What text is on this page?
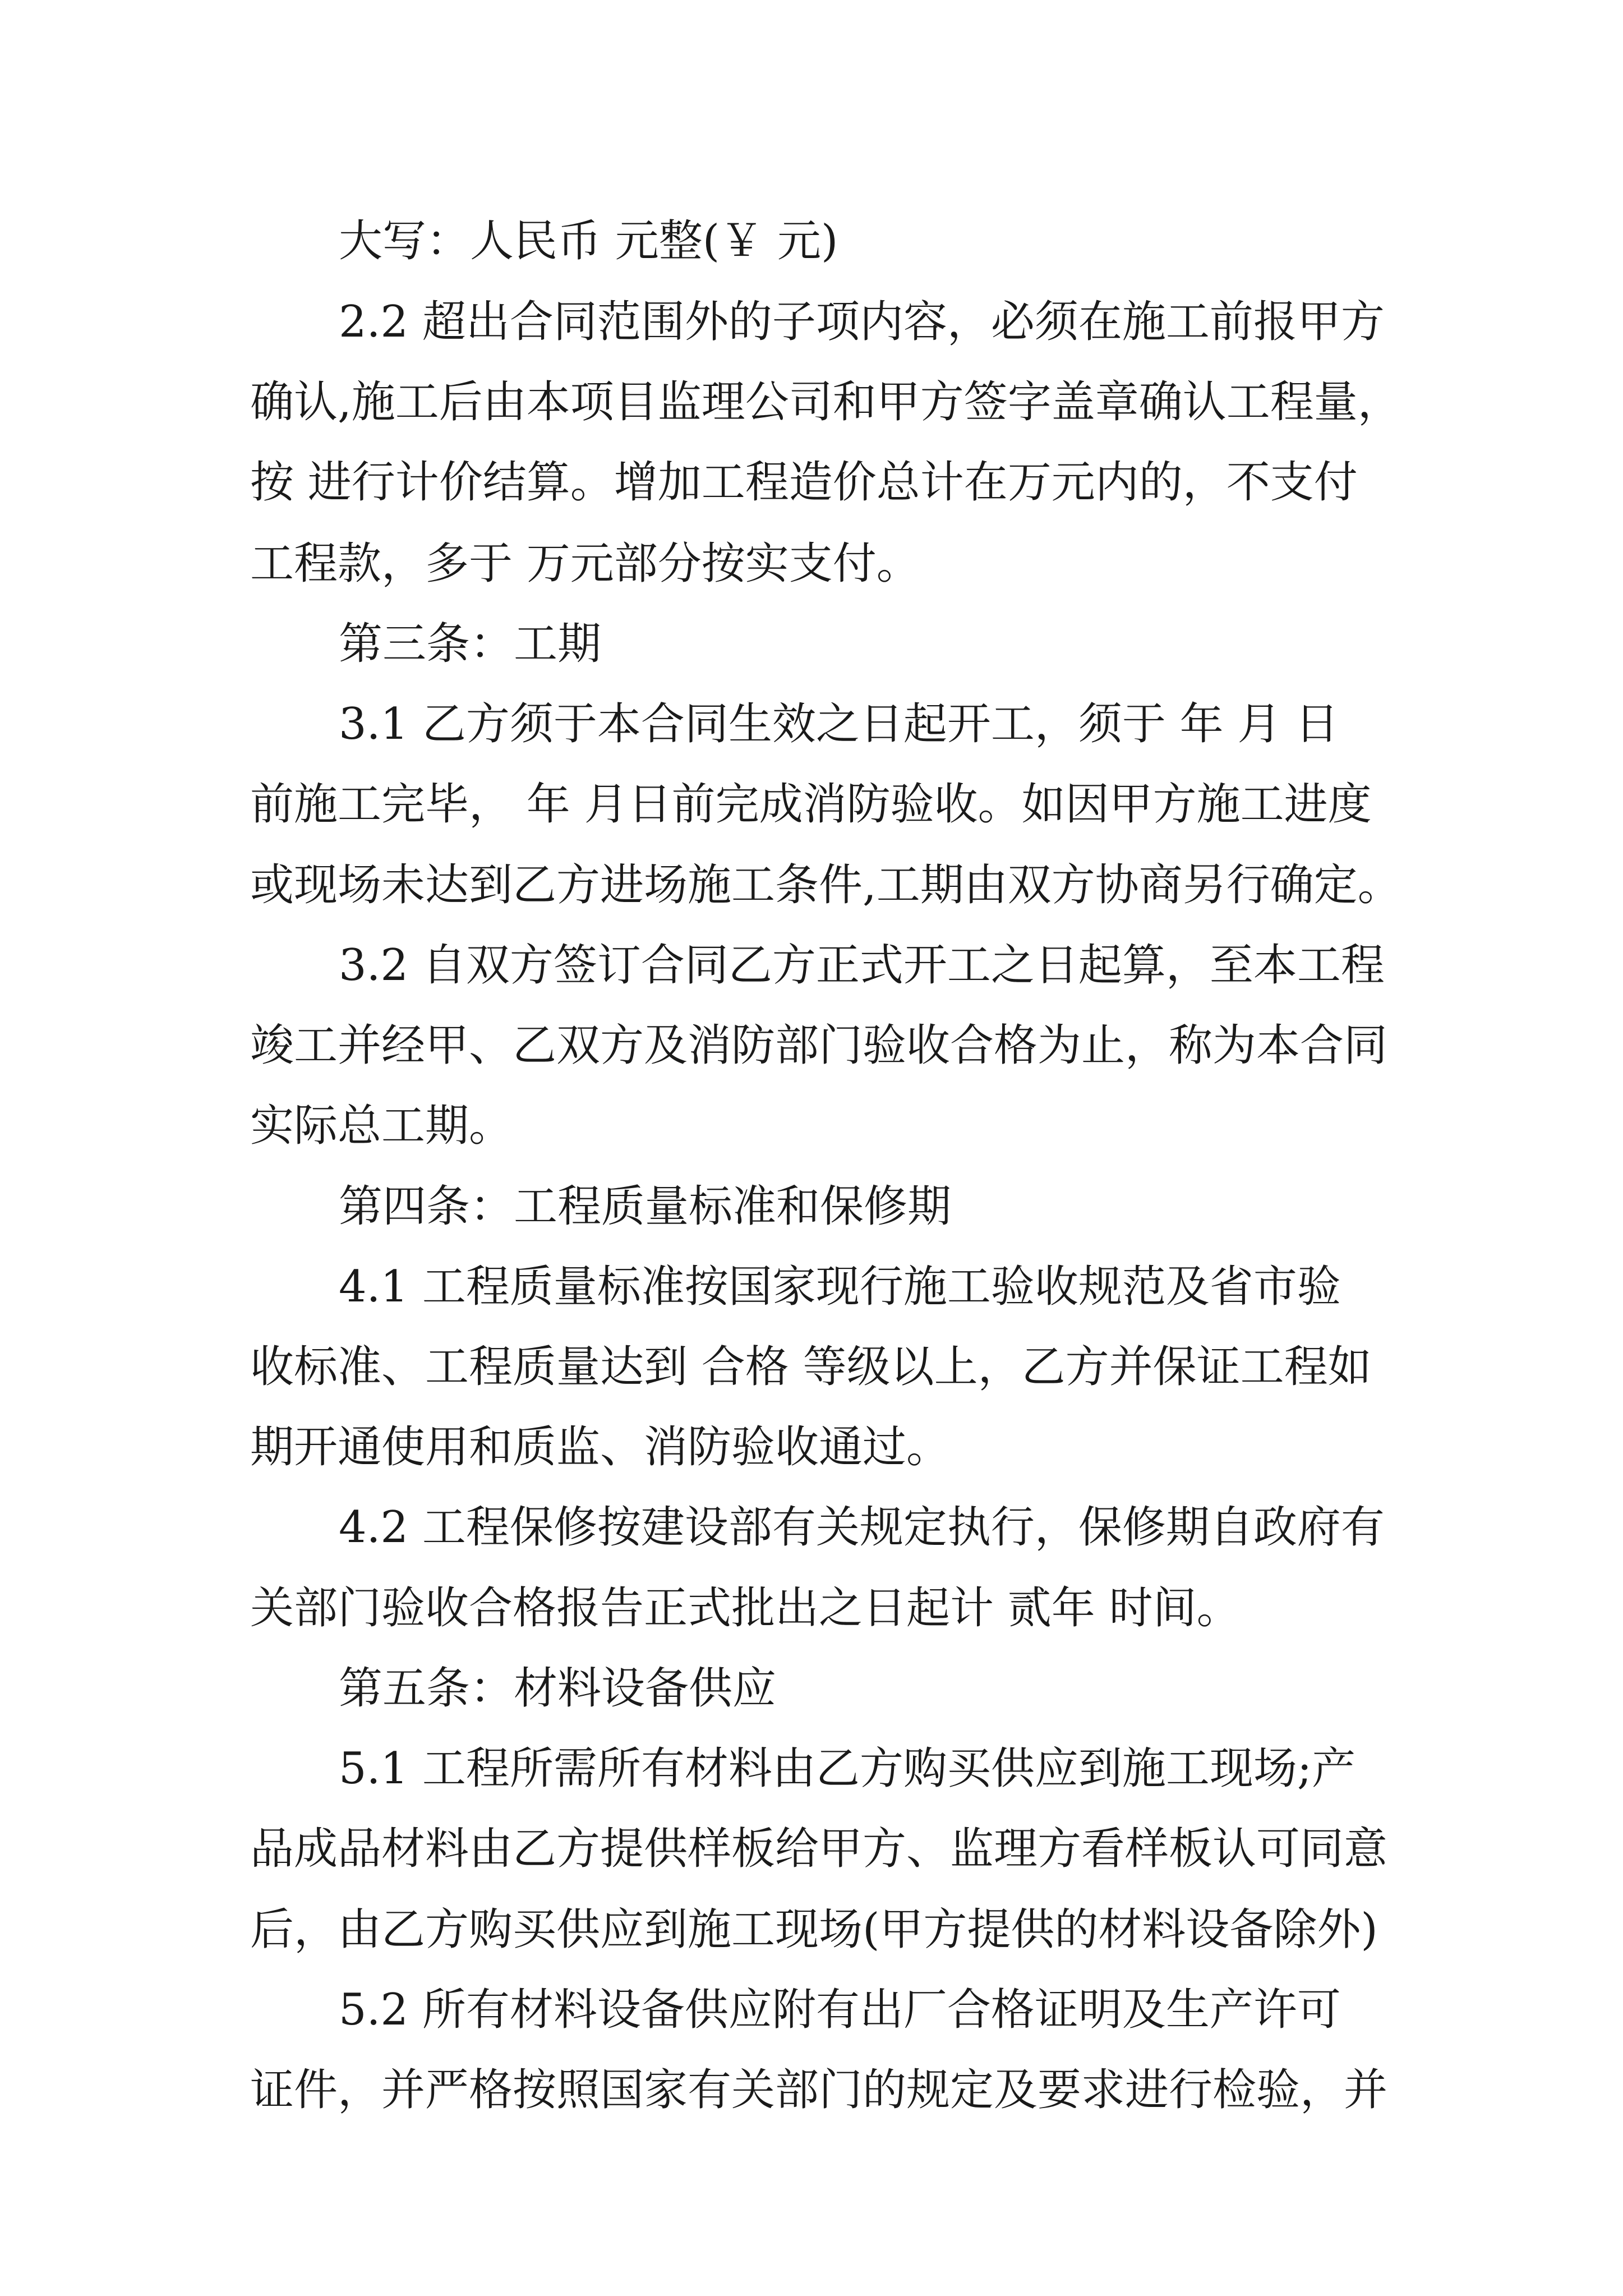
大写：人民币 元整(￥ 元)

2.2 超出合同范围外的子项内容，必须在施工前报甲方

确认,施工后由本项目监理公司和甲方签字盖章确认工程量，

按 进行计价结算。增加工程造价总计在万元内的，不支付

工程款，多于 万元部分按实支付。

第三条：工期

3.1 乙方须于本合同生效之日起开工，须于 年 月 日

前施工完毕， 年 月日前完成消防验收。如因甲方施工进度

或现场未达到乙方进场施工条件,工期由双方协商另行确定。

3.2 自双方签订合同乙方正式开工之日起算，至本工程

竣工并经甲、乙双方及消防部门验收合格为止，称为本合同

实际总工期。

第四条：工程质量标准和保修期

4.1 工程质量标准按国家现行施工验收规范及省市验

收标准、工程质量达到 合格 等级以上，乙方并保证工程如

期开通使用和质监、消防验收通过。

4.2 工程保修按建设部有关规定执行，保修期自政府有

关部门验收合格报告正式批出之日起计 贰年 时间。

第五条：材料设备供应

5.1 工程所需所有材料由乙方购买供应到施工现场;产

品成品材料由乙方提供样板给甲方、监理方看样板认可同意

后，由乙方购买供应到施工现场(甲方提供的材料设备除外)

5.2 所有材料设备供应附有出厂合格证明及生产许可

证件，并严格按照国家有关部门的规定及要求进行检验，并
